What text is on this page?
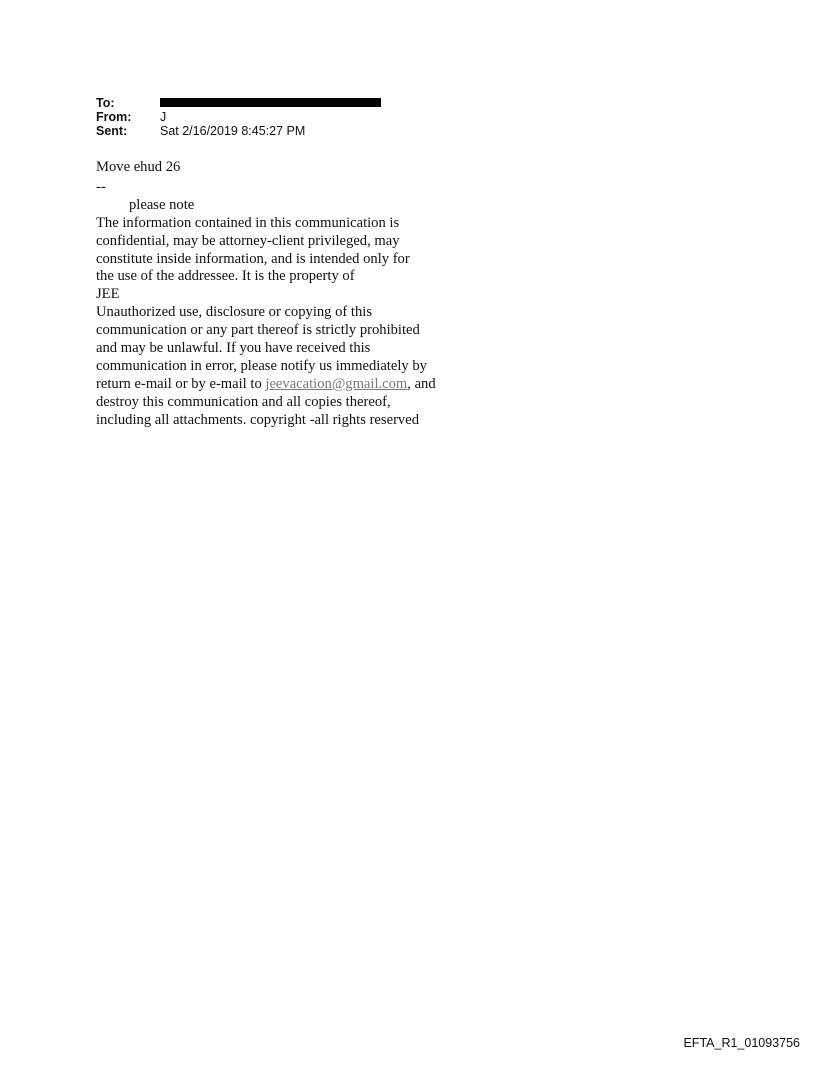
To:
From:	J
Sent:	Sat 2/16/2019 8:45:27 PM
Move ehud 26
--
please note
The information contained in this communication is
confidential, may be attorney-client privileged, may
constitute inside information, and is intended only for
the use of the addressee. It is the property of
JEE
Unauthorized use, disclosure or copying of this
communication or any part thereof is strictly prohibited
and may be unlawful. If you have received this
communication in error, please notify us immediately by
return e-mail or by e-mail to jeevacation@gmail.com, and
destroy this communication and all copies thereof,
including all attachments. copyright -all rights reserved
EFTA_R1_01093756
